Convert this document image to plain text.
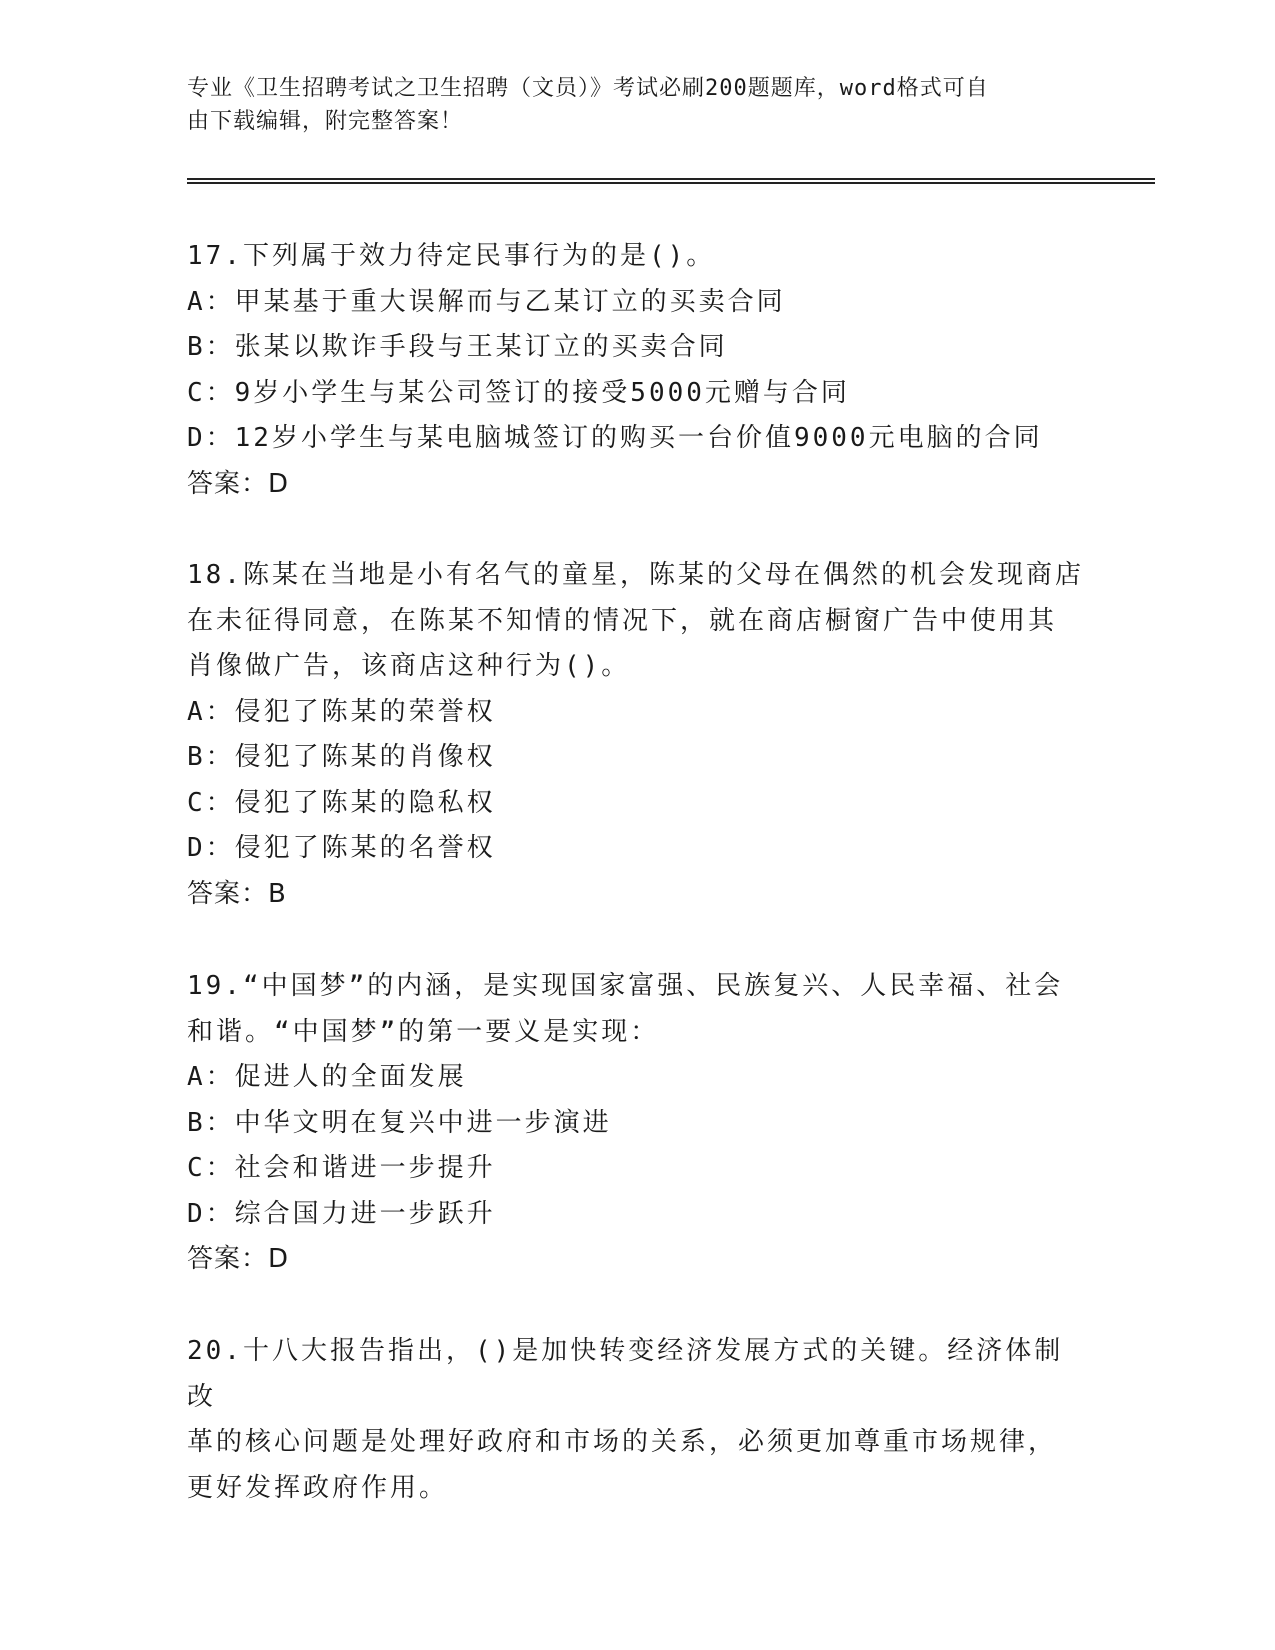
专业《卫生招聘考试之卫生招聘（文员）》考试必刷200题题库，word格式可自
由下载编辑，附完整答案！

17.下列属于效力待定民事行为的是()。

A：甲某基于重大误解而与乙某订立的买卖合同

B：张某以欺诈手段与王某订立的买卖合同

C：9岁小学生与某公司签订的接受5000元赠与合同

D：12岁小学生与某电脑城签订的购买一台价值9000元电脑的合同

答案：D

18.陈某在当地是小有名气的童星，陈某的父母在偶然的机会发现商店

在未征得同意，在陈某不知情的情况下，就在商店橱窗广告中使用其

肖像做广告，该商店这种行为()。

A：侵犯了陈某的荣誉权

B：侵犯了陈某的肖像权

C：侵犯了陈某的隐私权

D：侵犯了陈某的名誉权

答案：B

19.“中国梦”的内涵，是实现国家富强、民族复兴、人民幸福、社会

和谐。“中国梦”的第一要义是实现：

A：促进人的全面发展

B：中华文明在复兴中进一步演进

C：社会和谐进一步提升

D：综合国力进一步跃升

答案：D

20.十八大报告指出，()是加快转变经济发展方式的关键。经济体制改

革的核心问题是处理好政府和市场的关系，必须更加尊重市场规律，

更好发挥政府作用。
